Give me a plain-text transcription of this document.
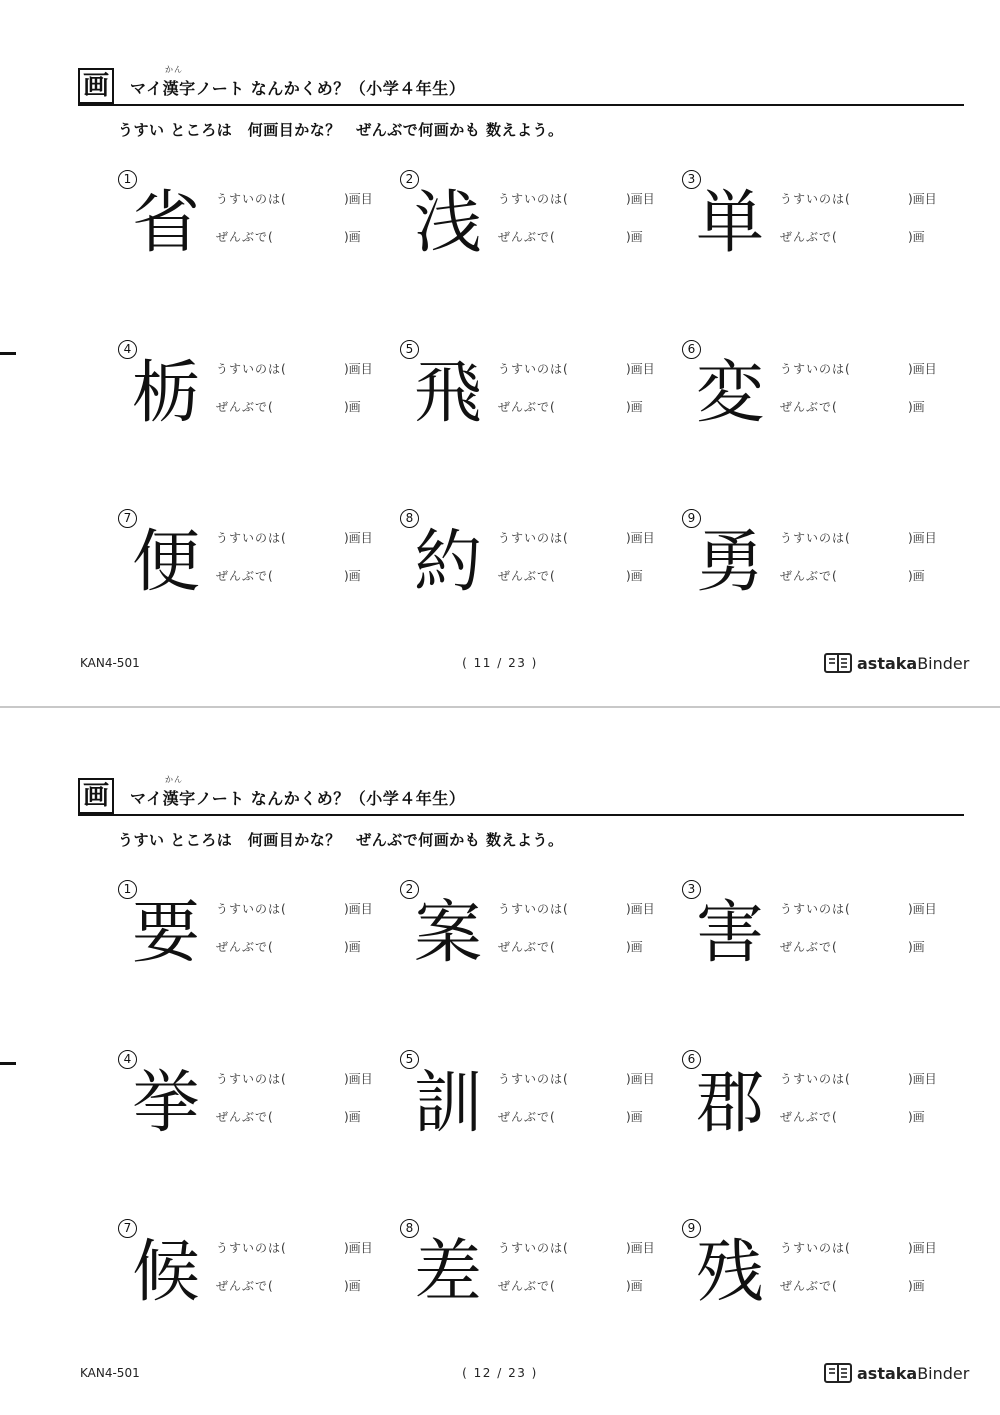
画
かん
マイ漢字ノート なんかくめ？（小学４年生）
うすい ところは　何画目かな？　ぜんぶで何画かも 数えよう。
1
省	うすいのは(	)画目
ぜんぶで(	)画
2
浅	うすいのは(	)画目
ぜんぶで(	)画
3
単	うすいのは(	)画目
ぜんぶで(	)画
4
栃	うすいのは(	)画目
ぜんぶで(	)画
5
飛	うすいのは(	)画目
ぜんぶで(	)画
6
変	うすいのは(	)画目
ぜんぶで(	)画
7
便	うすいのは(	)画目
ぜんぶで(	)画
8
約	うすいのは(	)画目
ぜんぶで(	)画
9
勇	うすいのは(	)画目
ぜんぶで(	)画
KAN4-501	( 11 / 23 )	astakaBinder
画
かん
マイ漢字ノート なんかくめ？（小学４年生）
うすい ところは　何画目かな？　ぜんぶで何画かも 数えよう。
1
要	うすいのは(	)画目
ぜんぶで(	)画
2
案	うすいのは(	)画目
ぜんぶで(	)画
3
害	うすいのは(	)画目
ぜんぶで(	)画
4
挙	うすいのは(	)画目
ぜんぶで(	)画
5
訓	うすいのは(	)画目
ぜんぶで(	)画
6
郡	うすいのは(	)画目
ぜんぶで(	)画
7
候	うすいのは(	)画目
ぜんぶで(	)画
8
差	うすいのは(	)画目
ぜんぶで(	)画
9
残	うすいのは(	)画目
ぜんぶで(	)画
KAN4-501	( 12 / 23 )	astakaBinder
